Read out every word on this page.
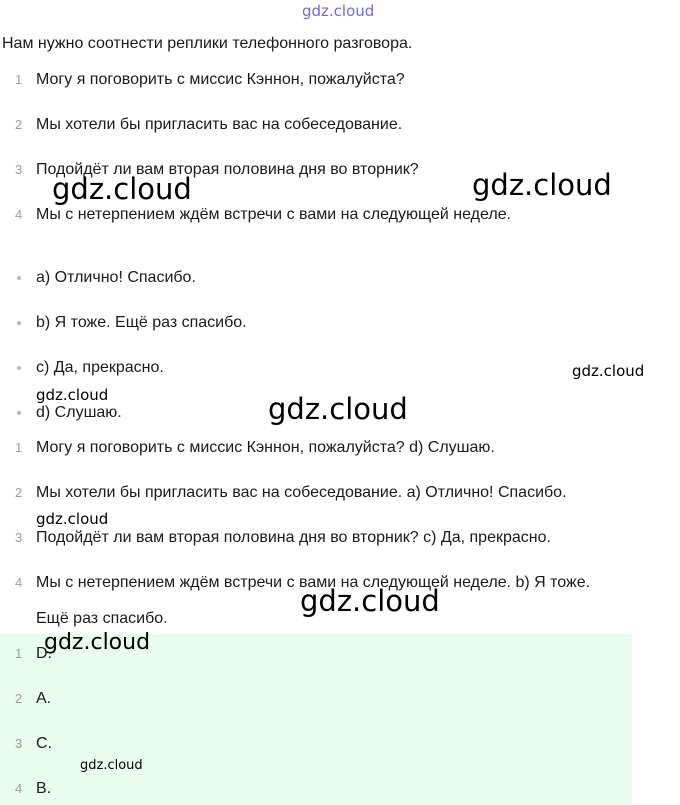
gdz.cloud
Нам нужно соотнести реплики телефонного разговора.
1 Могу я поговорить с миссис Кэннон, пожалуйста?
2 Мы хотели бы пригласить вас на собеседование.
3 Подойдёт ли вам вторая половина дня во вторник?
4 Мы с нетерпением ждём встречи с вами на следующей неделе.
a) Отлично! Спасибо.
b) Я тоже. Ещё раз спасибо.
c) Да, прекрасно.
d) Слушаю.
1 Могу я поговорить с миссис Кэннон, пожалуйста? d) Слушаю.
2 Мы хотели бы пригласить вас на собеседование. a) Отлично! Спасибо.
3 Подойдёт ли вам вторая половина дня во вторник? c) Да, прекрасно.
4 Мы с нетерпением ждём встречи с вами на следующей неделе. b) Я тоже.
Ещё раз спасибо.
1 D.
2 A.
3 C.
4 B.
gdz.cloud	gdz.cloud
gdz.cloud
gdz.cloud	gdz.cloud
gdz.cloud
gdz.cloud
gdz.cloud
gdz.cloud
